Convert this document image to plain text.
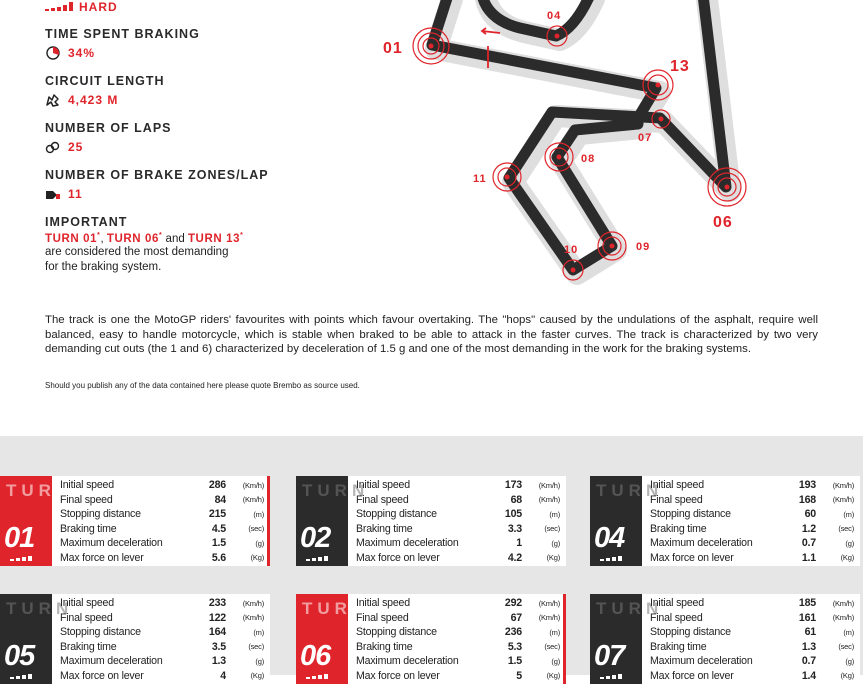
HARD
TIME SPENT BRAKING
34%
CIRCUIT LENGTH
4,423 M
NUMBER OF LAPS
25
NUMBER OF BRAKE ZONES/LAP
11
IMPORTANT
TURN 01*, TURN 06* and TURN 13*
are considered the most demanding
for the braking system.
01
04
13
07
08
11
06
09
10

The track is one the MotoGP riders' favourites with points which favour overtaking. The "hops" caused by the undulations of the asphalt, require well balanced, easy to handle motorcycle, which is stable when braked to be able to attack in the faster curves. The track is characterized by two very demanding cut outs (the 1 and 6) characterized by deceleration of 1.5 g and one of the most demanding in the work for the braking systems.

Should you publish any of the data contained here please quote Brembo as source used.

TURN
01
Initial speed	286	(Km/h)
Final speed	84	(Km/h)
Stopping distance	215	(m)
Braking time	4.5	(sec)
Maximum deceleration	1.5	(g)
Max force on lever	5.6	(Kg)
TURN
02
Initial speed	173	(Km/h)
Final speed	68	(Km/h)
Stopping distance	105	(m)
Braking time	3.3	(sec)
Maximum deceleration	1	(g)
Max force on lever	4.2	(Kg)
TURN
04
Initial speed	193	(Km/h)
Final speed	168	(Km/h)
Stopping distance	60	(m)
Braking time	1.2	(sec)
Maximum deceleration	0.7	(g)
Max force on lever	1.1	(Kg)
TURN
05
Initial speed	233	(Km/h)
Final speed	122	(Km/h)
Stopping distance	164	(m)
Braking time	3.5	(sec)
Maximum deceleration	1.3	(g)
Max force on lever	4	(Kg)
TURN
06
Initial speed	292	(Km/h)
Final speed	67	(Km/h)
Stopping distance	236	(m)
Braking time	5.3	(sec)
Maximum deceleration	1.5	(g)
Max force on lever	5	(Kg)
TURN
07
Initial speed	185	(Km/h)
Final speed	161	(Km/h)
Stopping distance	61	(m)
Braking time	1.3	(sec)
Maximum deceleration	0.7	(g)
Max force on lever	1.4	(Kg)
